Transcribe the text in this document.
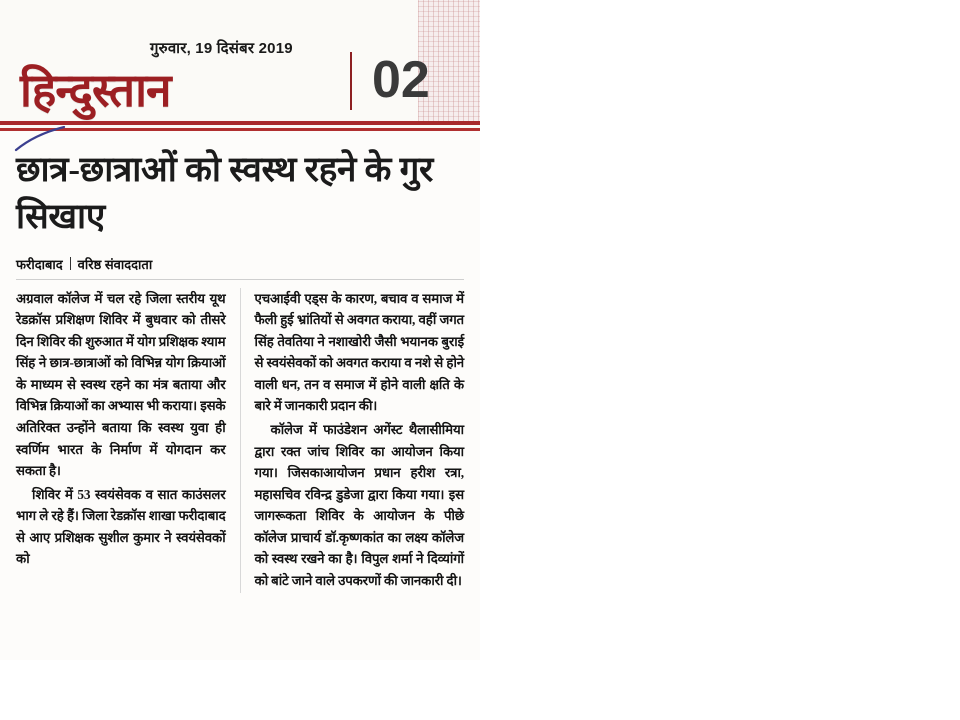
गुरुवार, 19 दिसंबर 2019
हिन्दुस्तान	02
छात्र-छात्राओं को स्वस्थ रहने के गुर सिखाए
फरीदाबाद वरिष्ठ संवाददाता

अग्रवाल कॉलेज में चल रहे जिला स्तरीय यूथ रेडक्रॉस प्रशिक्षण शिविर में बुधवार को तीसरे दिन शिविर की शुरुआत में योग प्रशिक्षक श्याम सिंह ने छात्र-छात्राओं को विभिन्न योग क्रियाओं के माध्यम से स्वस्थ रहने का मंत्र बताया और विभिन्न क्रियाओं का अभ्यास भी कराया। इसके अतिरिक्त उन्होंने बताया कि स्वस्थ युवा ही स्वर्णिम भारत के निर्माण में योगदान कर सकता है।

शिविर में 53 स्वयंसेवक व सात काउंसलर भाग ले रहे हैं। जिला रेडक्रॉस शाखा फरीदाबाद से आए प्रशिक्षक सुशील कुमार ने स्वयंसेवकों को

एचआईवी एड्स के कारण, बचाव व समाज में फैली हुई भ्रांतियों से अवगत कराया, वहीं जगत सिंह तेवतिया ने नशाखोरी जैसी भयानक बुराई से स्वयंसेवकों को अवगत कराया व नशे से होने वाली धन, तन व समाज में होने वाली क्षति के बारे में जानकारी प्रदान की।

कॉलेज में फाउंडेशन अगेंस्ट थैलासीमिया द्वारा रक्त जांच शिविर का आयोजन किया गया। जिसकाआयोजन प्रधान हरीश रत्रा, महासचिव रविन्द्र डुडेजा द्वारा किया गया। इस जागरूकता शिविर के आयोजन के पीछे कॉलेज प्राचार्य डॉ.कृष्णकांत का लक्ष्य कॉलेज को स्वस्थ रखने का है। विपुल शर्मा ने दिव्यांगों को बांटे जाने वाले उपकरणों की जानकारी दी।
